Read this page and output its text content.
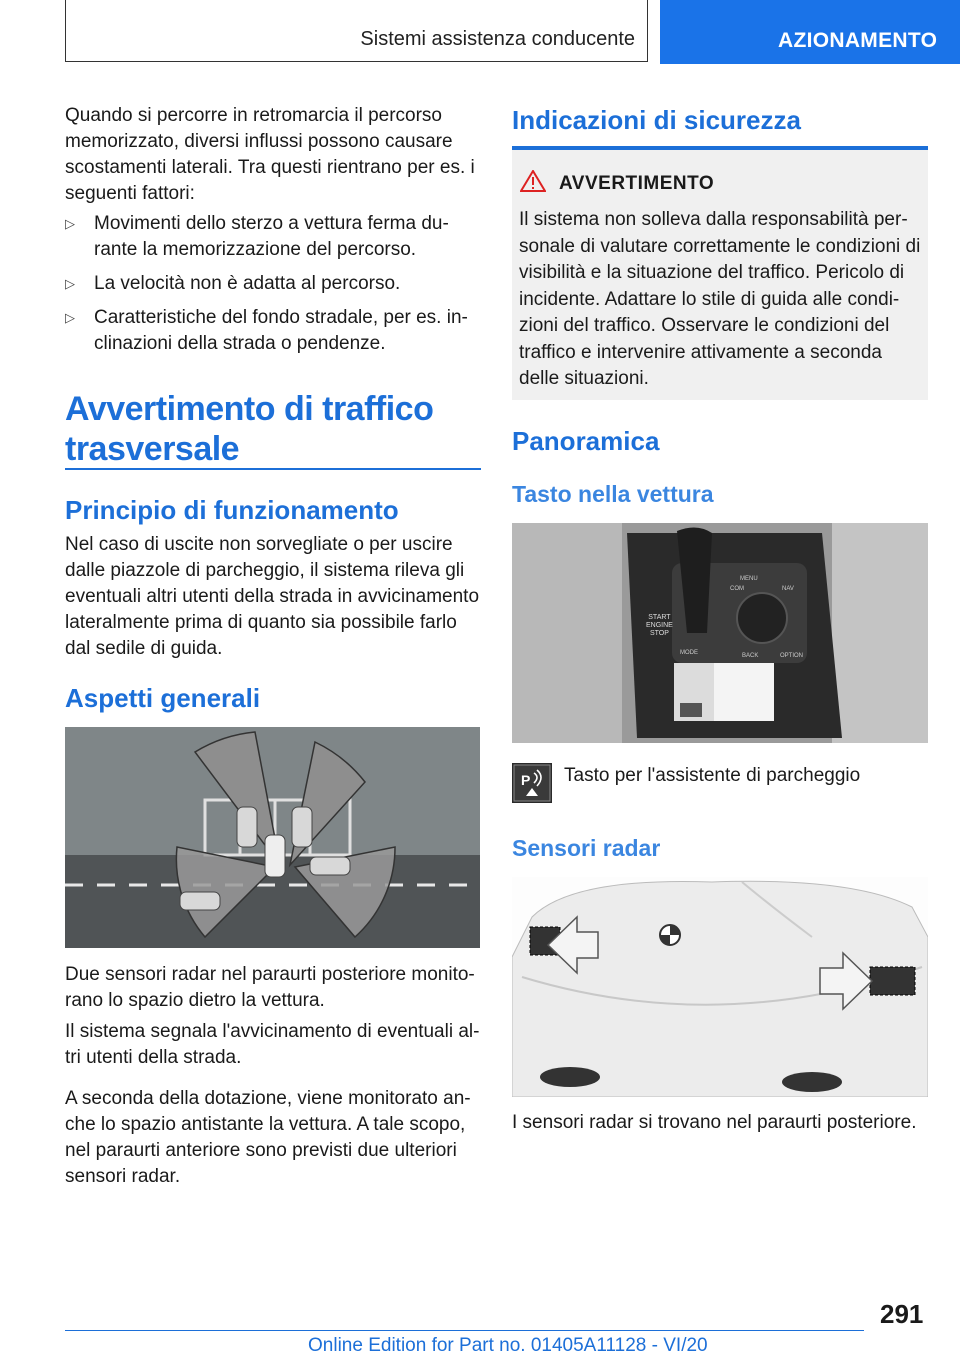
Sistemi assistenza conducente	AZIONAMENTO
Quando si percorre in retromarcia il percorso memorizzato, diversi influssi possono causare scostamenti laterali. Tra questi rientrano per es. i seguenti fattori:
▷ Movimenti dello sterzo a vettura ferma du‐rante la memorizzazione del percorso.
▷ La velocità non è adatta al percorso.
▷ Caratteristiche del fondo stradale, per es. in‐clinazioni della strada o pendenze.
Avvertimento di traffico
trasversale
Principio di funzionamento
Nel caso di uscite non sorvegliate o per uscire dalle piazzole di parcheggio, il sistema rileva gli eventuali altri utenti della strada in avvicinamento lateralmente prima di quanto sia possibile farlo dal sedile di guida.
Aspetti generali
Due sensori radar nel paraurti posteriore monito‐rano lo spazio dietro la vettura.
Il sistema segnala l'avvicinamento di eventuali al‐tri utenti della strada.
A seconda della dotazione, viene monitorato an‐che lo spazio antistante la vettura. A tale scopo, nel paraurti anteriore sono previsti due ulteriori sensori radar.
Indicazioni di sicurezza
AVVERTIMENTO
Il sistema non solleva dalla responsabilità per‐sonale di valutare correttamente le condizioni di visibilità e la situazione del traffico. Pericolo di incidente. Adattare lo stile di guida alle condi‐zioni del traffico. Osservare le condizioni del traffico e intervenire attivamente a seconda delle situazioni.
Panoramica
Tasto nella vettura
START
ENGINE
STOP
MENU
COM	NAV
BACK	OPTION
MODE
P Tasto per l'assistente di parcheggio
Sensori radar
I sensori radar si trovano nel paraurti posteriore.
291
Online Edition for Part no. 01405A11128 - VI/20
